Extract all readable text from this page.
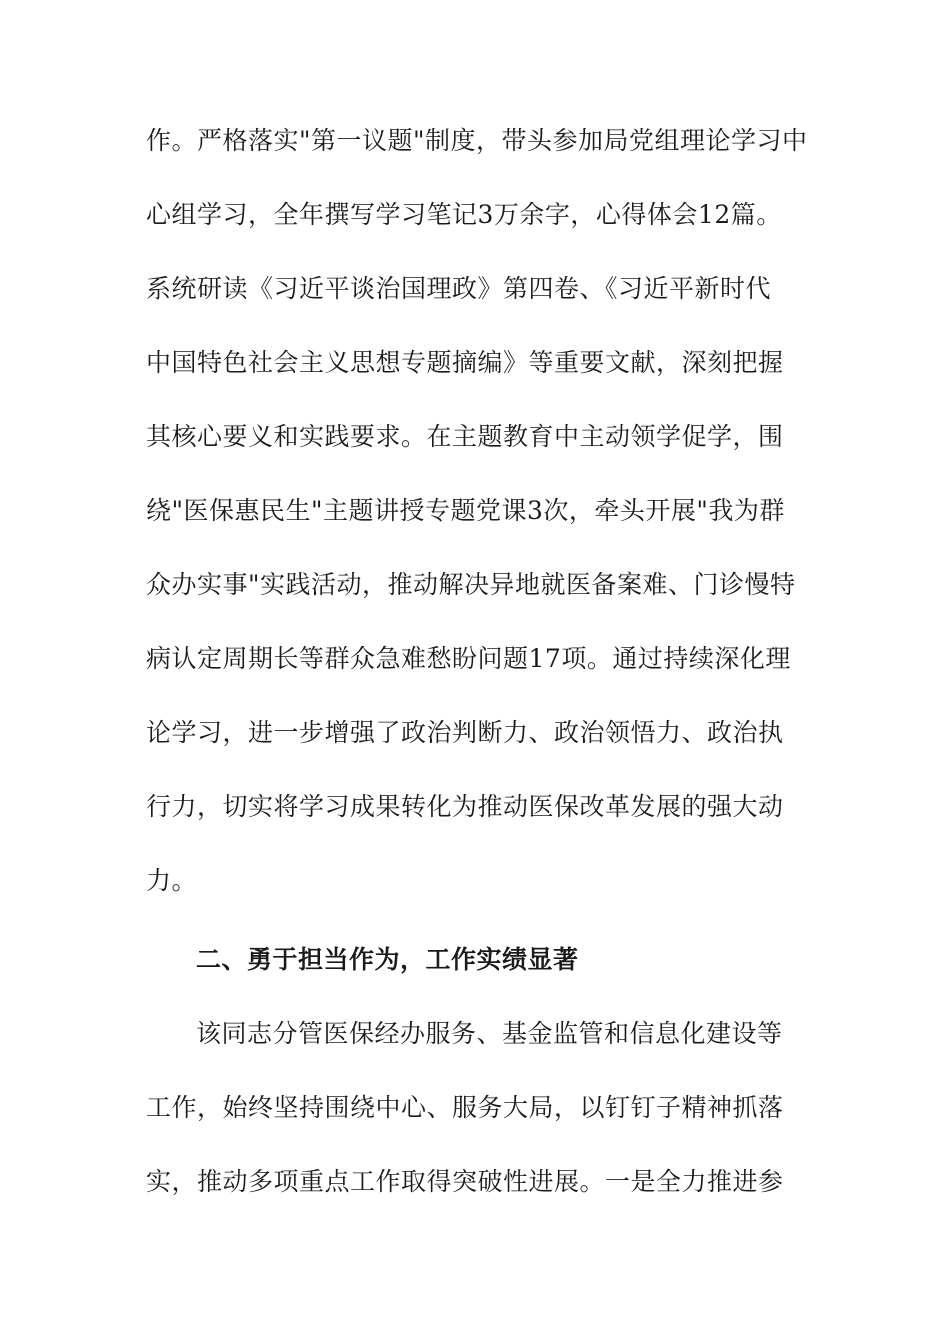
作。严格落实"第一议题"制度，带头参加局党组理论学习中
心组学习，全年撰写学习笔记3万余字，心得体会12篇。
系统研读《习近平谈治国理政》第四卷、《习近平新时代
中国特色社会主义思想专题摘编》等重要文献，深刻把握
其核心要义和实践要求。在主题教育中主动领学促学，围
绕"医保惠民生"主题讲授专题党课3次，牵头开展"我为群
众办实事"实践活动，推动解决异地就医备案难、门诊慢特
病认定周期长等群众急难愁盼问题17项。通过持续深化理
论学习，进一步增强了政治判断力、政治领悟力、政治执
行力，切实将学习成果转化为推动医保改革发展的强大动
力。
二、勇于担当作为，工作实绩显著
该同志分管医保经办服务、基金监管和信息化建设等
工作，始终坚持围绕中心、服务大局，以钉钉子精神抓落
实，推动多项重点工作取得突破性进展。一是全力推进参
